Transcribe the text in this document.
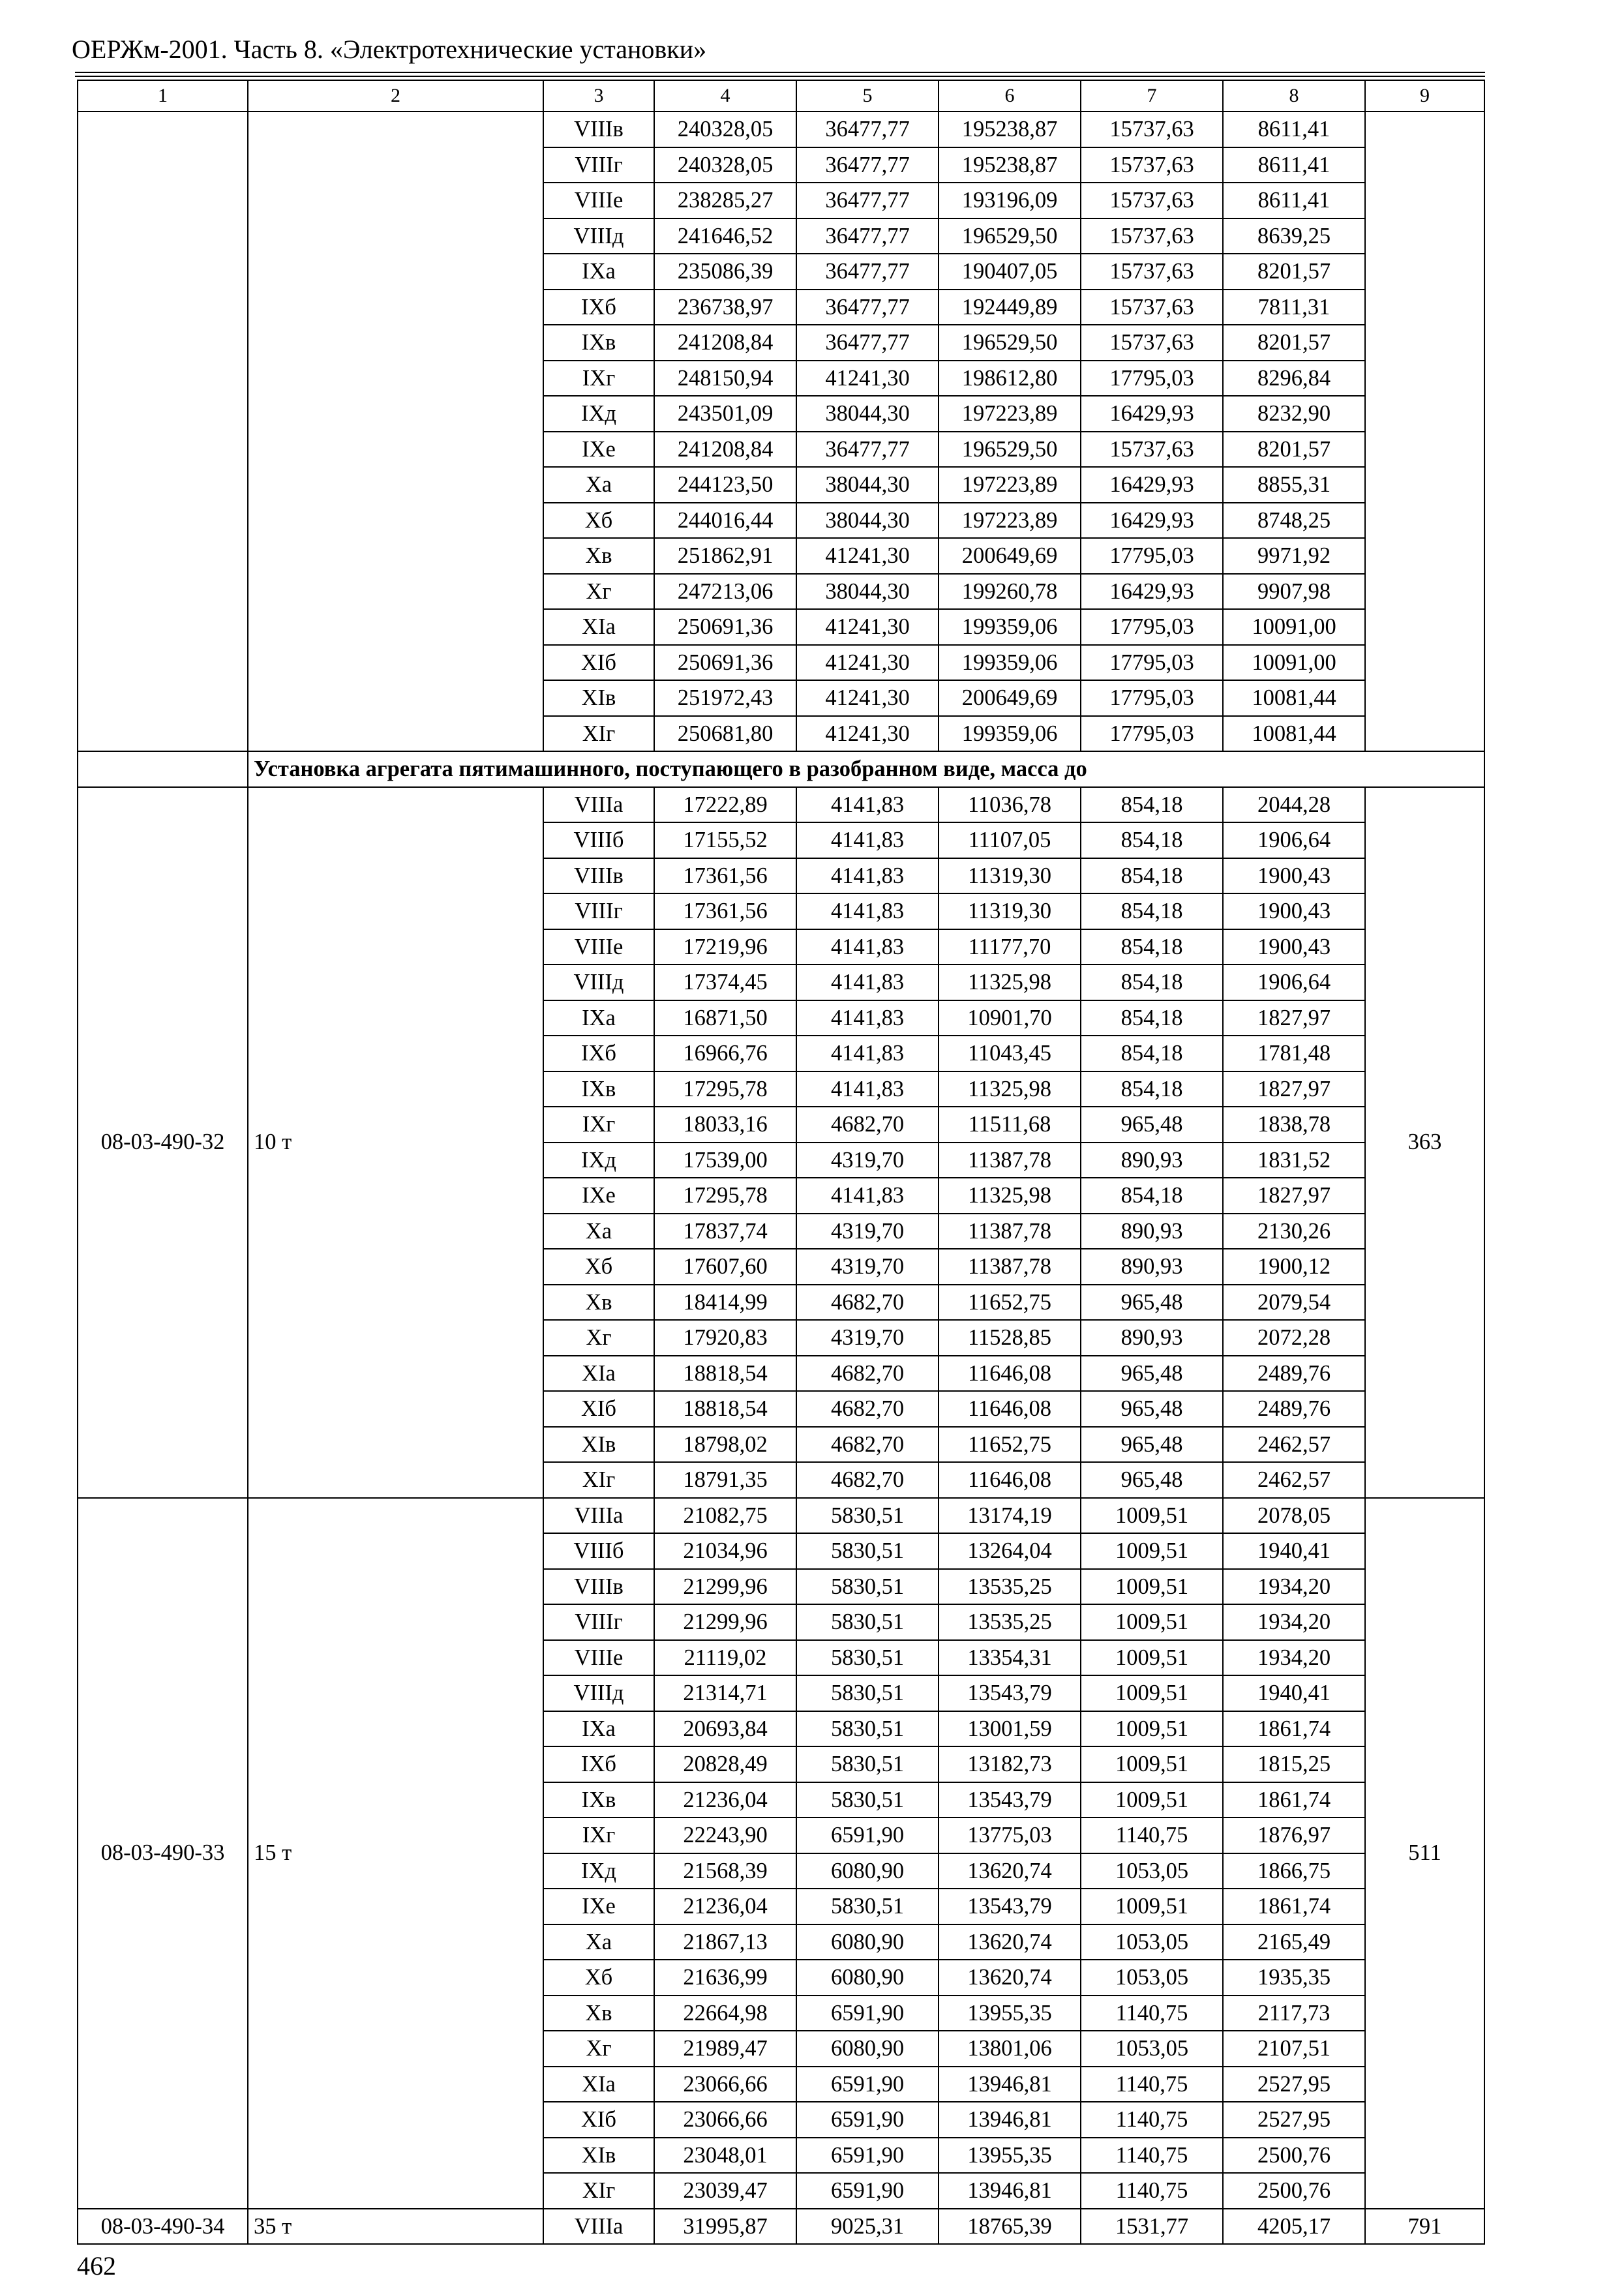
ОЕРЖм-2001. Часть 8. «Электротехнические установки»
1	2	3	4	5	6	7	8	9
		VIIIв	240328,05	36477,77	195238,87	15737,63	8611,41	
		VIIIг	240328,05	36477,77	195238,87	15737,63	8611,41	
		VIIIе	238285,27	36477,77	193196,09	15737,63	8611,41	
		VIIIд	241646,52	36477,77	196529,50	15737,63	8639,25	
		IXа	235086,39	36477,77	190407,05	15737,63	8201,57	
		IXб	236738,97	36477,77	192449,89	15737,63	7811,31	
		IXв	241208,84	36477,77	196529,50	15737,63	8201,57	
		IXг	248150,94	41241,30	198612,80	17795,03	8296,84	
		IXд	243501,09	38044,30	197223,89	16429,93	8232,90	
		IXе	241208,84	36477,77	196529,50	15737,63	8201,57	
		Xа	244123,50	38044,30	197223,89	16429,93	8855,31	
		Xб	244016,44	38044,30	197223,89	16429,93	8748,25	
		Xв	251862,91	41241,30	200649,69	17795,03	9971,92	
		Xг	247213,06	38044,30	199260,78	16429,93	9907,98	
		XIа	250691,36	41241,30	199359,06	17795,03	10091,00	
		XIб	250691,36	41241,30	199359,06	17795,03	10091,00	
		XIв	251972,43	41241,30	200649,69	17795,03	10081,44	
		XIг	250681,80	41241,30	199359,06	17795,03	10081,44	
	Установка агрегата пятимашинного, поступающего в разобранном виде, масса до							
08-03-490-32	10 т	VIIIа	17222,89	4141,83	11036,78	854,18	2044,28	363
		VIIIб	17155,52	4141,83	11107,05	854,18	1906,64	
		VIIIв	17361,56	4141,83	11319,30	854,18	1900,43	
		VIIIг	17361,56	4141,83	11319,30	854,18	1900,43	
		VIIIе	17219,96	4141,83	11177,70	854,18	1900,43	
		VIIIд	17374,45	4141,83	11325,98	854,18	1906,64	
		IXа	16871,50	4141,83	10901,70	854,18	1827,97	
		IXб	16966,76	4141,83	11043,45	854,18	1781,48	
		IXв	17295,78	4141,83	11325,98	854,18	1827,97	
		IXг	18033,16	4682,70	11511,68	965,48	1838,78	
		IXд	17539,00	4319,70	11387,78	890,93	1831,52	
		IXе	17295,78	4141,83	11325,98	854,18	1827,97	
		Xа	17837,74	4319,70	11387,78	890,93	2130,26	
		Xб	17607,60	4319,70	11387,78	890,93	1900,12	
		Xв	18414,99	4682,70	11652,75	965,48	2079,54	
		Xг	17920,83	4319,70	11528,85	890,93	2072,28	
		XIа	18818,54	4682,70	11646,08	965,48	2489,76	
		XIб	18818,54	4682,70	11646,08	965,48	2489,76	
		XIв	18798,02	4682,70	11652,75	965,48	2462,57	
		XIг	18791,35	4682,70	11646,08	965,48	2462,57	
08-03-490-33	15 т	VIIIа	21082,75	5830,51	13174,19	1009,51	2078,05	511
		VIIIб	21034,96	5830,51	13264,04	1009,51	1940,41	
		VIIIв	21299,96	5830,51	13535,25	1009,51	1934,20	
		VIIIг	21299,96	5830,51	13535,25	1009,51	1934,20	
		VIIIе	21119,02	5830,51	13354,31	1009,51	1934,20	
		VIIIд	21314,71	5830,51	13543,79	1009,51	1940,41	
		IXа	20693,84	5830,51	13001,59	1009,51	1861,74	
		IXб	20828,49	5830,51	13182,73	1009,51	1815,25	
		IXв	21236,04	5830,51	13543,79	1009,51	1861,74	
		IXг	22243,90	6591,90	13775,03	1140,75	1876,97	
		IXд	21568,39	6080,90	13620,74	1053,05	1866,75	
		IXе	21236,04	5830,51	13543,79	1009,51	1861,74	
		Xа	21867,13	6080,90	13620,74	1053,05	2165,49	
		Xб	21636,99	6080,90	13620,74	1053,05	1935,35	
		Xв	22664,98	6591,90	13955,35	1140,75	2117,73	
		Xг	21989,47	6080,90	13801,06	1053,05	2107,51	
		XIа	23066,66	6591,90	13946,81	1140,75	2527,95	
		XIб	23066,66	6591,90	13946,81	1140,75	2527,95	
		XIв	23048,01	6591,90	13955,35	1140,75	2500,76	
		XIг	23039,47	6591,90	13946,81	1140,75	2500,76	
08-03-490-34	35 т	VIIIа	31995,87	9025,31	18765,39	1531,77	4205,17	791
462
